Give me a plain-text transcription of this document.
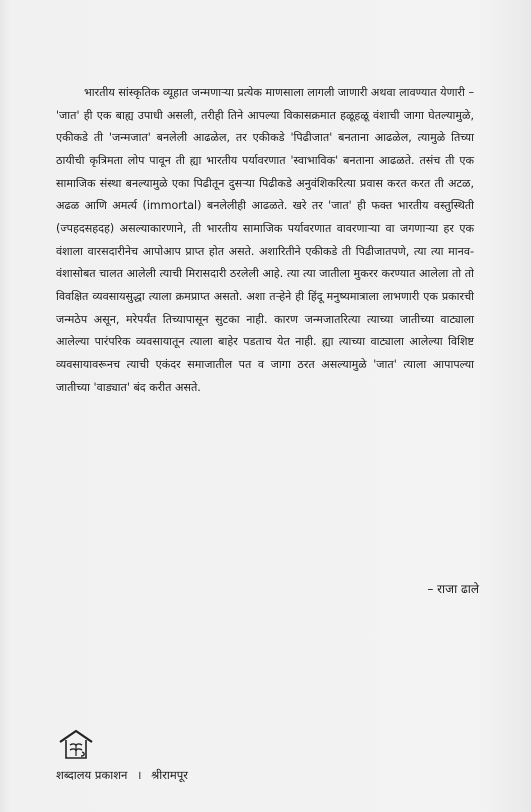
भारतीय सांस्कृतिक व्यूहात जन्मणाऱ्या प्रत्येक माणसाला लागली जाणारी अथवा लावण्यात येणारी – 'जात' ही एक बाह्य उपाधी असली, तरीही तिने आपल्या विकासक्रमात हळूहळू वंशाची जागा घेतल्यामुळे, एकीकडे ती 'जन्मजात' बनलेली आढळेल, तर एकीकडे 'पिढीजात' बनताना आढळेल, त्यामुळे तिच्या ठायीची कृत्रिमता लोप पावून ती ह्या भारतीय पर्यावरणात 'स्वाभाविक' बनताना आढळते. तसंच ती एक सामाजिक संस्था बनल्यामुळे एका पिढीतून दुसऱ्या पिढीकडे अनुवंशिकरित्या प्रवास करत करत ती अटळ, अढळ आणि अमर्त्य (immortal) बनलेलीही आढळते. खरे तर 'जात' ही फक्त भारतीय वस्तुस्थिती (ज्पहदसहदह) असल्याकारणाने, ती भारतीय सामाजिक पर्यावरणात वावरणाऱ्या वा जगणाऱ्या हर एक वंशाला वारसदारीनेच आपोआप प्राप्त होत असते. अशारितीने एकीकडे ती पिढीजातपणे, त्या त्या मानव-वंशासोबत चालत आलेली त्याची मिरासदारी ठरलेली आहे. त्या त्या जातीला मुकरर करण्यात आलेला तो तो विवक्षित व्यवसायसुद्धा त्याला क्रमप्राप्त असतो. अशा तऱ्हेने ही हिंदू मनुष्यमात्राला लाभणारी एक प्रकारची जन्मठेप असून, मरेपर्यंत तिच्यापासून सुटका नाही. कारण जन्मजातरित्या त्याच्या जातीच्या वाट्याला आलेल्या पारंपरिक व्यवसायातून त्याला बाहेर पडताच येत नाही. ह्या त्याच्या वाट्याला आलेल्या विशिष्ट व्यवसायावरूनच त्याची एकंदर समाजातील पत व जागा ठरत असल्यामुळे 'जात' त्याला आपापल्या जातीच्या 'वाड्यात' बंद करीत असते.

– राजा ढाले
शब्दालय प्रकाशन । श्रीरामपूर
